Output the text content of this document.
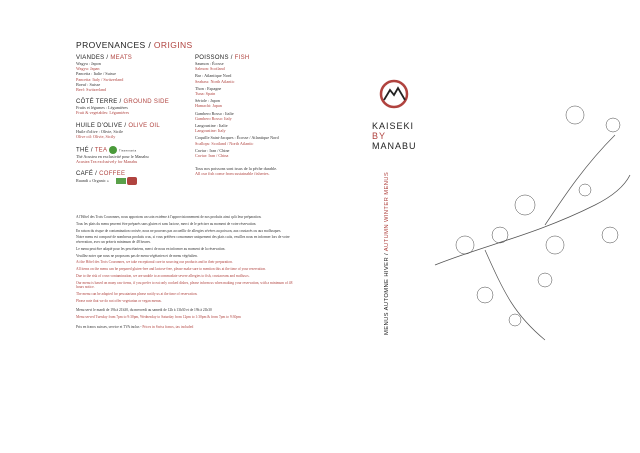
PROVENANCES / ORIGINS
VIANDES / MEATS
Wagyu : Japon
Wagyu: Japan
Pancetta : Italie / Suisse
Pancetta: Italy / Switzerland
Boeuf : Suisse
Beef: Switzerland
CÔTÉ TERRE / GROUND SIDE
Fruits et légumes : Légumières
Fruit & vegetables: Légumières
HUILE D'OLIVE / OLIVE OIL
Huile d'olive : Olivie, Sicile
Olive oil: Olivie, Sicily
THÉ / TEA	Tissemaria
Thé Acustea en exclusivité pour le Manabu
Acustea Tea exclusively for Manabu
CAFÉ / COFFEE
Ruandi « Organic »
POISSONS / FISH
Saumon : Écosse
Salmon: Scotland
Bar : Atlantique Nord
Seabass: North Atlantic
Thon : Espagne
Tuna: Spain
Sériole : Japon
Hamachi: Japan
Gambero Rosso : Italie
Gambero Rosso: Italy
Langoustine : Italie
Langoustine: Italy
Coquille Saint-Jacques : Écosse / Atlantique Nord
Scallops: Scotland / North Atlantic
Caviar : Iran / Chine
Caviar: Iran / China
Tous nos poissons sont issus de la pêche durable.
All our fish come from sustainable fisheries.

A l'Hôtel des Trois Couronnes, nous apportons un soin extrême à l'approvisionnement de nos produits ainsi qu'à leur préparation.

Tous les plats du menu peuvent être préparés sans gluten et sans lactose, merci de le préciser au moment de votre réservation.

En raison du risque de contamination croisée, nous ne pouvons pas accueillir de allergies sévères au poisson, aux crustacés ou aux mollusques.

Notre menu est composé de nombreux produits crus, si vous préférez consommer uniquement des plats cuits, veuillez nous en informer lors de votre réservation, avec un préavis minimum de 48 heures.

Le menu peut être adapté pour les pescétariens, merci de nous en informer au moment de la réservation.

Veuillez noter que nous ne proposons pas de menu végétarien et de menu végétalien.

At the Hôtel des Trois Couronnes, we take exceptional care in sourcing our products and in their preparation.

All items on the menu can be prepared gluten-free and lactose-free, please make sure to mention this at the time of your reservation.

Due to the risk of cross-contamination, we are unable to accommodate severe allergies to fish, crustaceans and molluscs.

Our menu is based on many raw items, if you prefer to eat only cooked dishes, please inform us when making your reservation, with a minimum of 48 hours notice.

The menu can be adapted for pescatarians please notify us at the time of reservation.

Please note that we do not offer vegetarian or vegan menus.

Menu servi le mardi de 19h à 21h30, du mercredi au samedi de 12h à 13h30 et de 19h à 21h30

Menu served Tuesday from 7pm to 9:30pm, Wednesday to Saturday from 12pm to 1:30pm & from 7pm to 9:30pm

Prix en francs suisses, service et TVA inclus - Prices in Swiss francs, tax included

KAISEKI
BY
MANABU
MENUS AUTOMNE HIVER / AUTUMN WINTER MENUS
